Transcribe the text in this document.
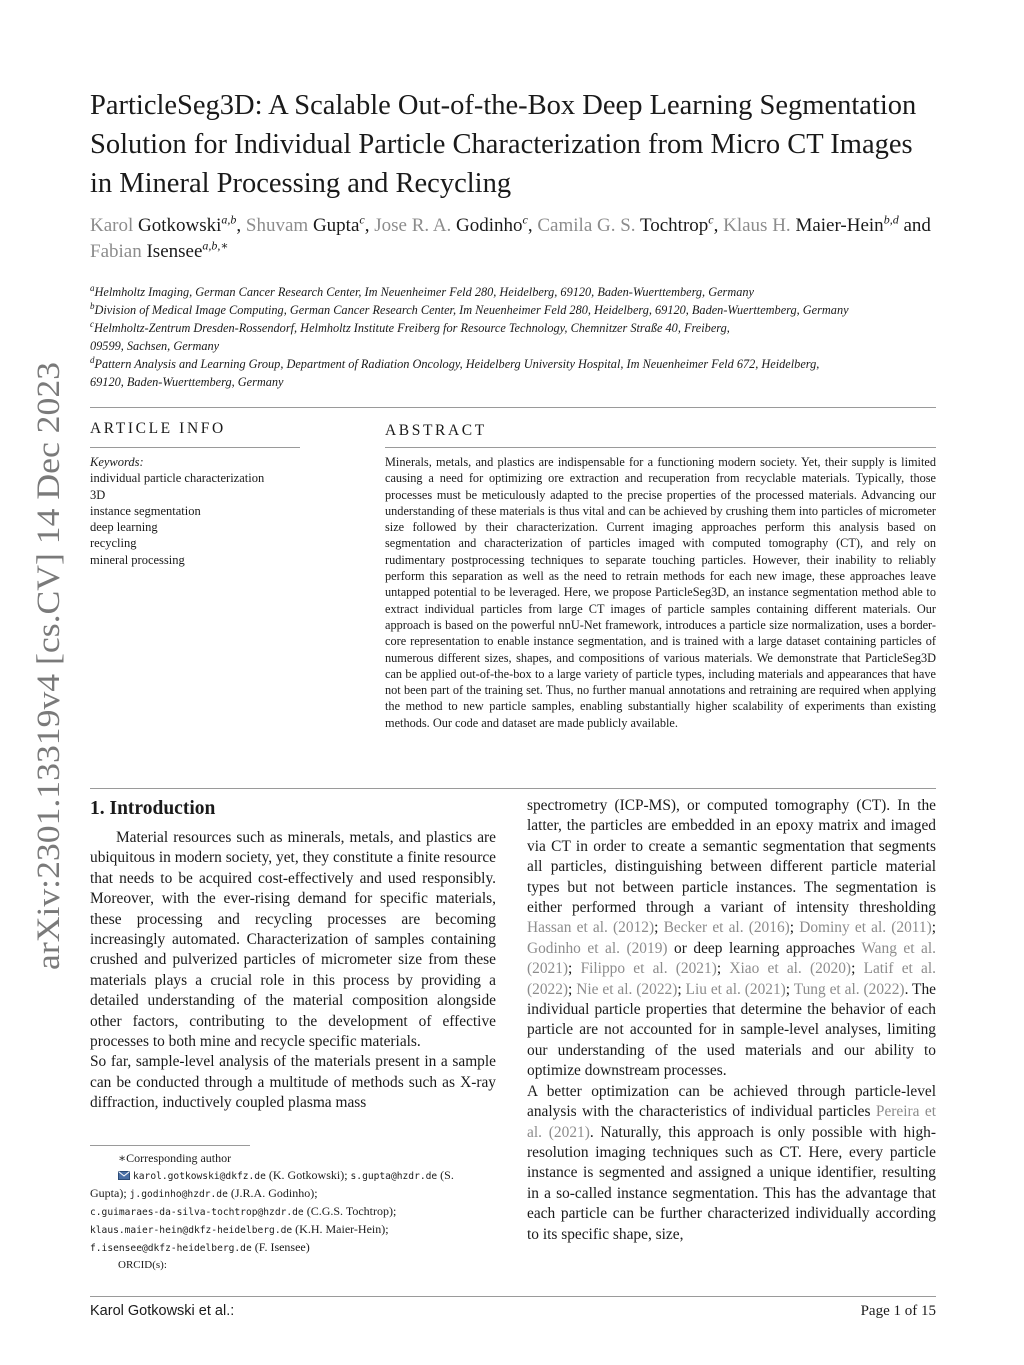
arXiv:2301.13319v4 [cs.CV] 14 Dec 2023
ParticleSeg3D: A Scalable Out-of-the-Box Deep Learning Segmentation Solution for Individual Particle Characterization from Micro CT Images in Mineral Processing and Recycling
Karol Gotkowski$^{a,b}$, Shuvam Gupta$^c$, Jose R. A. Godinho$^c$, Camila G. S. Tochtrop$^c$, Klaus H. Maier-Hein$^{b,d}$ and Fabian Isensee$^{a,b,∗}$

$^a$Helmholtz Imaging, German Cancer Research Center, Im Neuenheimer Feld 280, Heidelberg, 69120, Baden-Wuerttemberg, Germany

$^b$Division of Medical Image Computing, German Cancer Research Center, Im Neuenheimer Feld 280, Heidelberg, 69120, Baden-Wuerttemberg, Germany

$^c$Helmholtz-Zentrum Dresden-Rossendorf, Helmholtz Institute Freiberg for Resource Technology, Chemnitzer Straße 40, Freiberg, 09599, Sachsen, Germany

$^d$Pattern Analysis and Learning Group, Department of Radiation Oncology, Heidelberg University Hospital, Im Neuenheimer Feld 672, Heidelberg, 69120, Baden-Wuerttemberg, Germany

ARTICLE INFO	ABSTRACT
Keywords:
individual particle characterization
3D
instance segmentation
deep learning
recycling
mineral processing

Minerals, metals, and plastics are indispensable for a functioning modern society. Yet, their supply is limited causing a need for optimizing ore extraction and recuperation from recyclable materials. Typically, those processes must be meticulously adapted to the precise properties of the processed materials. Advancing our understanding of these materials is thus vital and can be achieved by crushing them into particles of micrometer size followed by their characterization. Current imaging approaches perform this analysis based on segmentation and characterization of particles imaged with computed tomography (CT), and rely on rudimentary postprocessing techniques to separate touching particles. However, their inability to reliably perform this separation as well as the need to retrain methods for each new image, these approaches leave untapped potential to be leveraged. Here, we propose ParticleSeg3D, an instance segmentation method able to extract individual particles from large CT images of particle samples containing different materials. Our approach is based on the powerful nnU-Net framework, introduces a particle size normalization, uses a border-core representation to enable instance segmentation, and is trained with a large dataset containing particles of numerous different sizes, shapes, and compositions of various materials. We demonstrate that ParticleSeg3D can be applied out-of-the-box to a large variety of particle types, including materials and appearances that have not been part of the training set. Thus, no further manual annotations and retraining are required when applying the method to new particle samples, enabling substantially higher scalability of experiments than existing methods. Our code and dataset are made publicly available.

1. Introduction

Material resources such as minerals, metals, and plastics are ubiquitous in modern society, yet, they constitute a finite resource that needs to be acquired cost-effectively and used responsibly. Moreover, with the ever-rising demand for specific materials, these processing and recycling processes are becoming increasingly automated. Characterization of samples containing crushed and pulverized particles of micrometer size from these materials plays a crucial role in this process by providing a detailed understanding of the material composition alongside other factors, contributing to the development of effective processes to both mine and recycle specific materials.

So far, sample-level analysis of the materials present in a sample can be conducted through a multitude of methods such as X-ray diffraction, inductively coupled plasma mass

spectrometry (ICP-MS), or computed tomography (CT). In the latter, the particles are embedded in an epoxy matrix and imaged via CT in order to create a semantic segmentation that segments all particles, distinguishing between different particle material types but not between particle instances. The segmentation is either performed through a variant of intensity thresholding Hassan et al. (2012); Becker et al. (2016); Dominy et al. (2011); Godinho et al. (2019) or deep learning approaches Wang et al. (2021); Filippo et al. (2021); Xiao et al. (2020); Latif et al. (2022); Nie et al. (2022); Liu et al. (2021); Tung et al. (2022). The individual particle properties that determine the behavior of each particle are not accounted for in sample-level analyses, limiting our understanding of the used materials and our ability to optimize downstream processes.

A better optimization can be achieved through particle-level analysis with the characteristics of individual particles Pereira et al. (2021). Naturally, this approach is only possible with high-resolution imaging techniques such as CT. Here, every particle instance is segmented and assigned a unique identifier, resulting in a so-called instance segmentation. This has the advantage that each particle can be further characterized individually according to its specific shape, size,

∗Corresponding author

karol.gotkowski@dkfz.de (K. Gotkowski); s.gupta@hzdr.de (S. Gupta); j.godinho@hzdr.de (J.R.A. Godinho);

c.guimaraes-da-silva-tochtrop@hzdr.de (C.G.S. Tochtrop);

klaus.maier-hein@dkfz-heidelberg.de (K.H. Maier-Hein);

f.isensee@dkfz-heidelberg.de (F. Isensee)

ORCID(s):

Karol Gotkowski et al.:	Page 1 of 15
